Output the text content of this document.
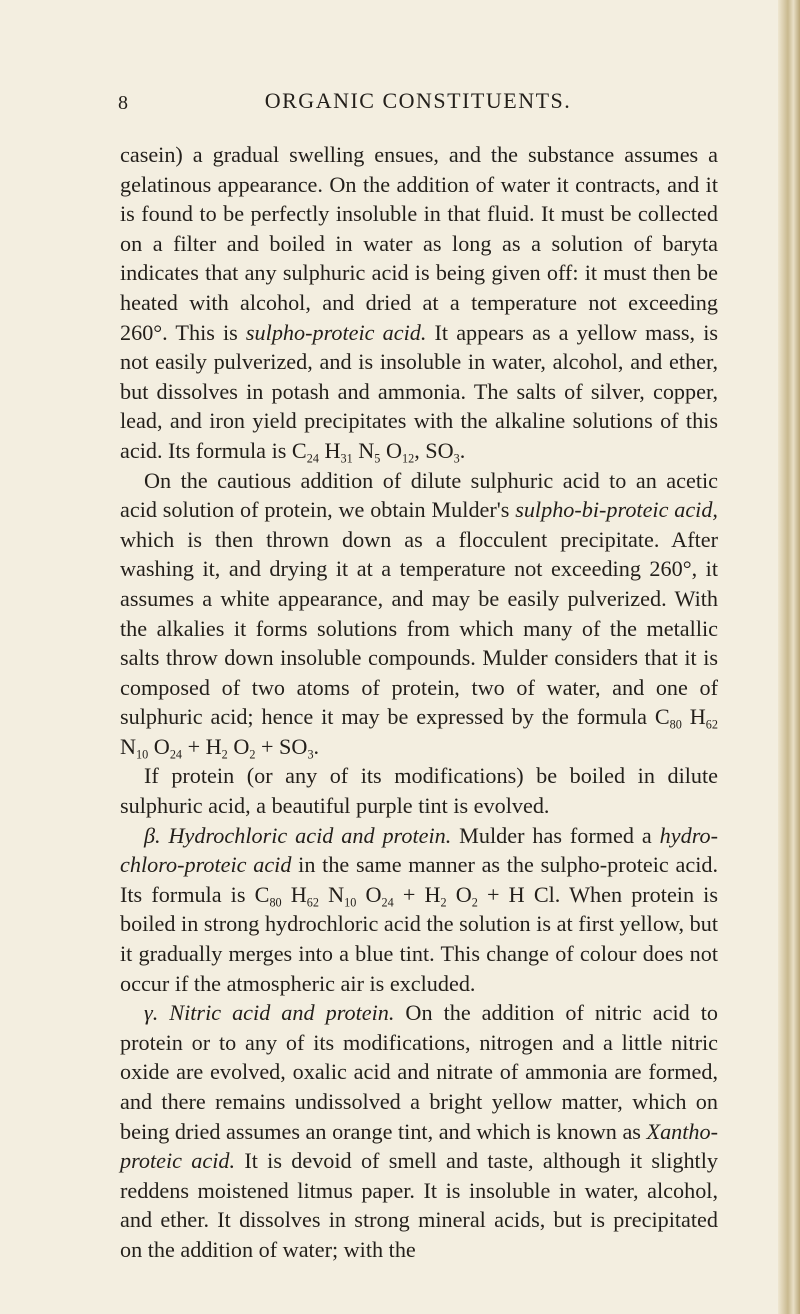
8	ORGANIC CONSTITUENTS.

casein) a gradual swelling ensues, and the substance assumes a gelatinous appearance. On the addition of water it contracts, and it is found to be perfectly insoluble in that fluid. It must be collected on a filter and boiled in water as long as a solution of baryta indicates that any sulphuric acid is being given off: it must then be heated with alcohol, and dried at a temperature not exceeding 260°. This is sulpho-proteic acid. It appears as a yellow mass, is not easily pulverized, and is insoluble in water, alcohol, and ether, but dissolves in potash and ammonia. The salts of silver, copper, lead, and iron yield precipitates with the alkaline solutions of this acid. Its formula is $C_{24}$ $H_{31}$ $N_5$ $O_{12}$, $SO_3$.

On the cautious addition of dilute sulphuric acid to an acetic acid solution of protein, we obtain Mulder's sulpho-bi-proteic acid, which is then thrown down as a flocculent precipitate. After washing it, and drying it at a temperature not exceeding 260°, it assumes a white appearance, and may be easily pulverized. With the alkalies it forms solutions from which many of the metallic salts throw down insoluble compounds. Mulder considers that it is composed of two atoms of protein, two of water, and one of sulphuric acid; hence it may be expressed by the formula $C_{80}$ $H_{62}$ $N_{10}$ $O_{24} + H_2$ $O_2 + SO_3$.

If protein (or any of its modifications) be boiled in dilute sulphuric acid, a beautiful purple tint is evolved.

β. Hydrochloric acid and protein. Mulder has formed a hydrochloro-proteic acid in the same manner as the sulpho-proteic acid. Its formula is $C_{80}$ $H_{62}$ $N_{10}$ $O_{24} + H_2$ $O_2 + H$ Cl. When protein is boiled in strong hydrochloric acid the solution is at first yellow, but it gradually merges into a blue tint. This change of colour does not occur if the atmospheric air is excluded.

γ. Nitric acid and protein. On the addition of nitric acid to protein or to any of its modifications, nitrogen and a little nitric oxide are evolved, oxalic acid and nitrate of ammonia are formed, and there remains undissolved a bright yellow matter, which on being dried assumes an orange tint, and which is known as Xantho-proteic acid. It is devoid of smell and taste, although it slightly reddens moistened litmus paper. It is insoluble in water, alcohol, and ether. It dissolves in strong mineral acids, but is precipitated on the addition of water; with the
